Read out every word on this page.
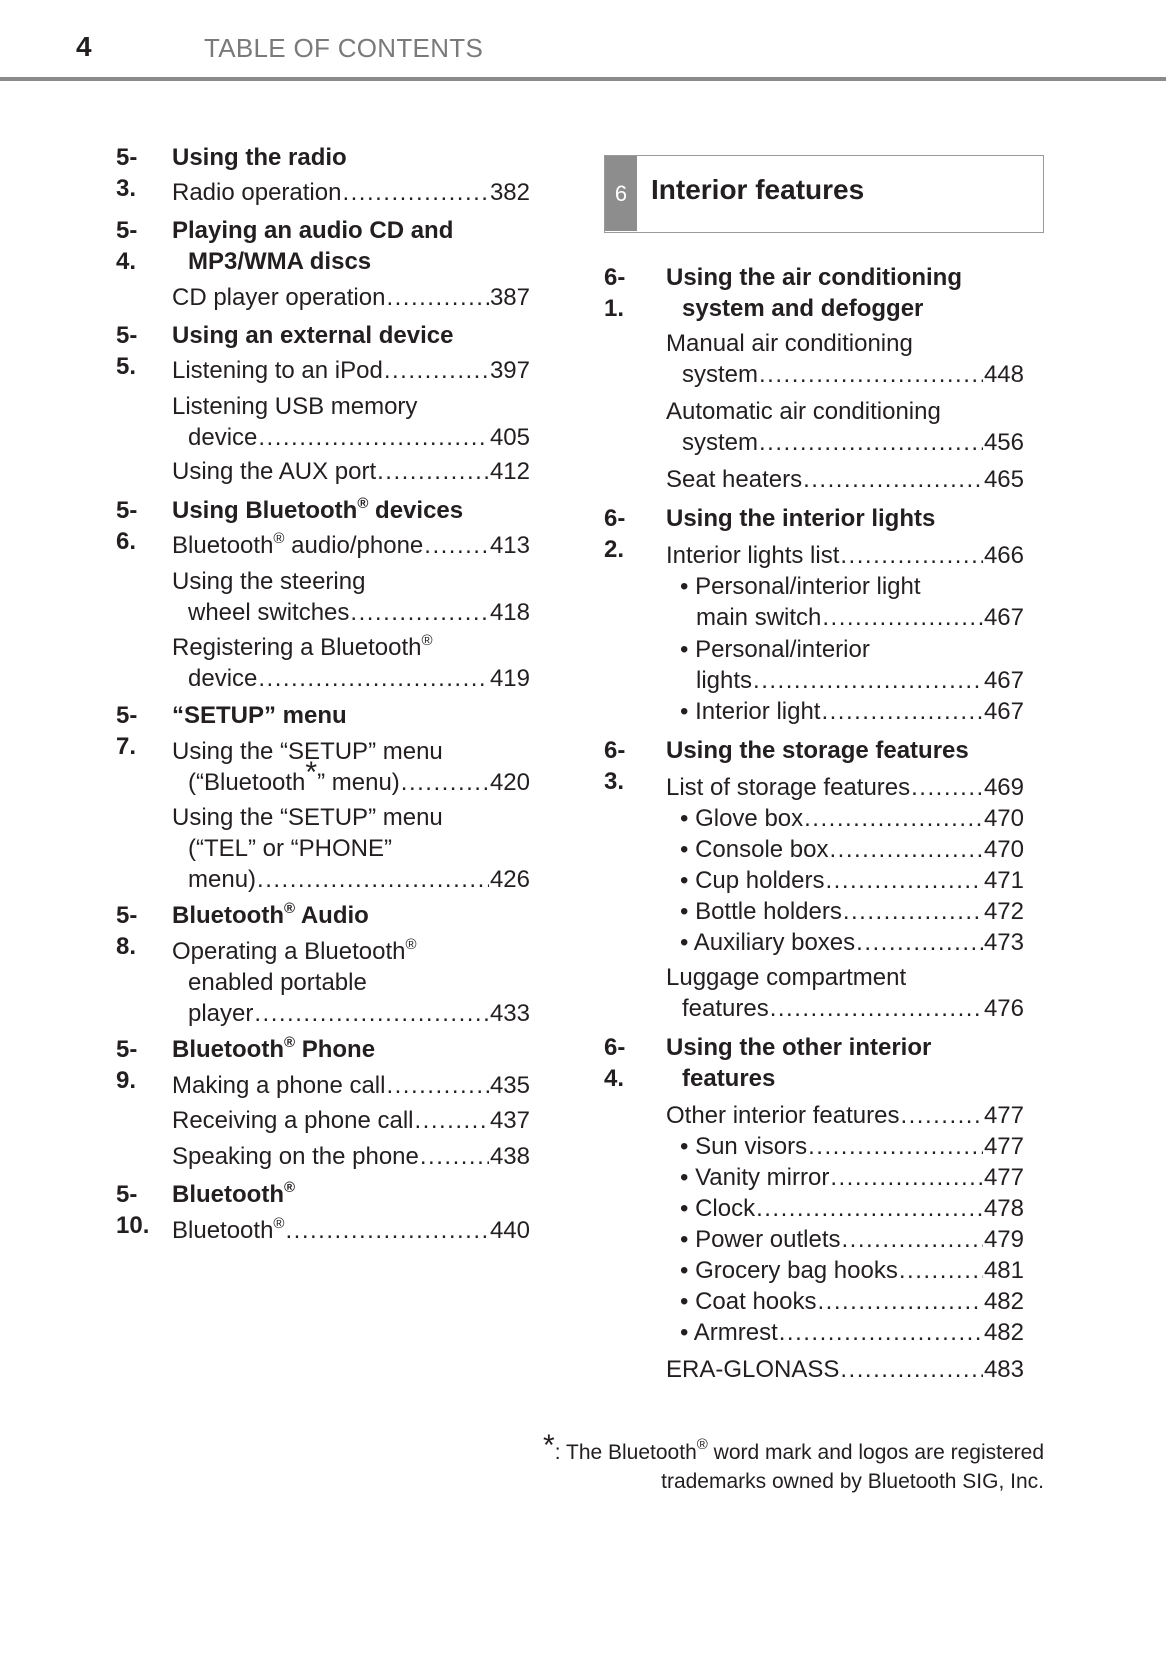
4	TABLE OF CONTENTS
5-3.
Using the radio
Radio operation .....	382
5-4.
Playing an audio CD and
MP3/WMA discs
CD player operation .....	387
5-5.
Using an external device
Listening to an iPod .....	397
Listening USB memory
device .....	405
Using the AUX port .....	412
5-6.
Using Bluetooth® devices
Bluetooth® audio/phone .....	413
Using the steering
wheel switches .....	418
Registering a Bluetooth®
device .....	419
5-7.
“SETUP” menu
Using the “SETUP” menu
(“Bluetooth*” menu) .....	420
Using the “SETUP” menu
(“TEL” or “PHONE”
menu) .....	426
5-8.
Bluetooth® Audio
Operating a Bluetooth®
enabled portable
player .....	433
5-9.
Bluetooth® Phone
Making a phone call .....	435
Receiving a phone call .....	437
Speaking on the phone .....	438
5-10.
Bluetooth®
Bluetooth® .....	440
6 Interior features
6-1.
Using the air conditioning
system and defogger
Manual air conditioning
system .....	448
Automatic air conditioning
system .....	456
Seat heaters .....	465
6-2.
Using the interior lights
Interior lights list .....	466
• Personal/interior light
main switch .....	467
• Personal/interior
lights .....	467
• Interior light .....	467
6-3.
Using the storage features
List of storage features .....	469
• Glove box .....	470
• Console box .....	470
• Cup holders .....	471
• Bottle holders .....	472
• Auxiliary boxes .....	473
Luggage compartment
features .....	476
6-4.
Using the other interior
features
Other interior features .....	477
• Sun visors .....	477
• Vanity mirror .....	477
• Clock .....	478
• Power outlets .....	479
• Grocery bag hooks .....	481
• Coat hooks .....	482
• Armrest .....	482
ERA-GLONASS .....	483
*: The Bluetooth® word mark and logos are registered
trademarks owned by Bluetooth SIG, Inc.
